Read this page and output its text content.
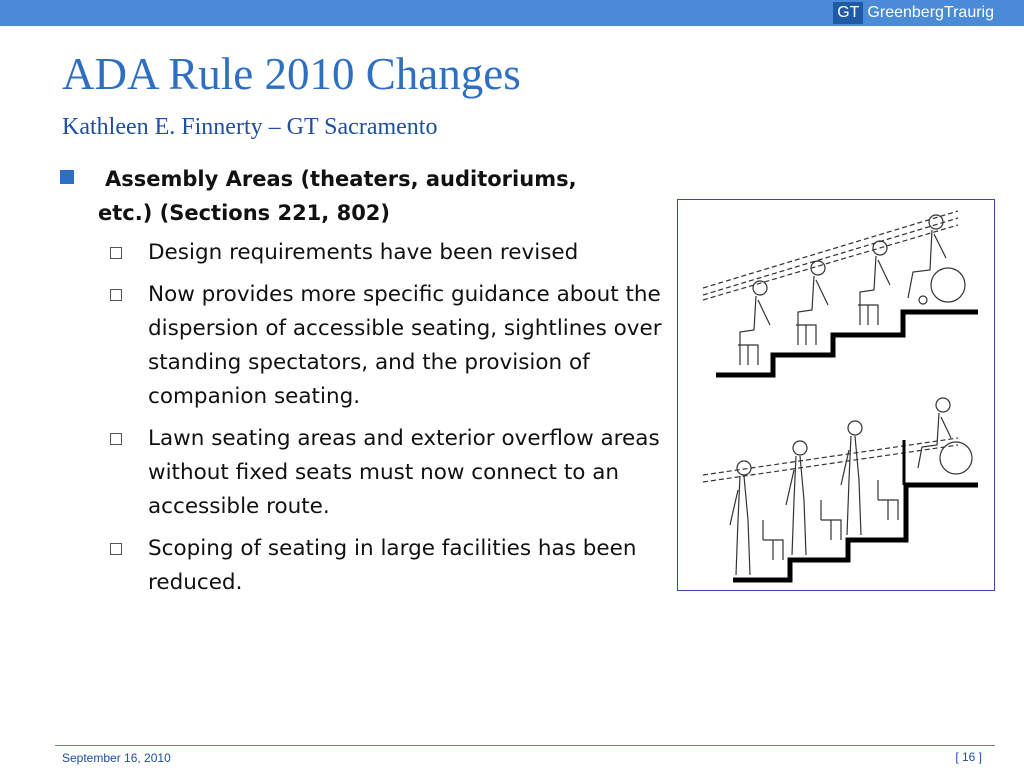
GT GreenbergTraurig
ADA Rule 2010 Changes
Kathleen E. Finnerty – GT Sacramento
Assembly Areas (theaters, auditoriums,
etc.) (Sections 221, 802)
Design requirements have been revised
Now provides more specific guidance about the dispersion of accessible seating, sightlines over standing spectators, and the provision of companion seating.
Lawn seating areas and exterior overflow areas without fixed seats must now connect to an accessible route.
Scoping of seating in large facilities has been reduced.
September 16, 2010	[ 16 ]
